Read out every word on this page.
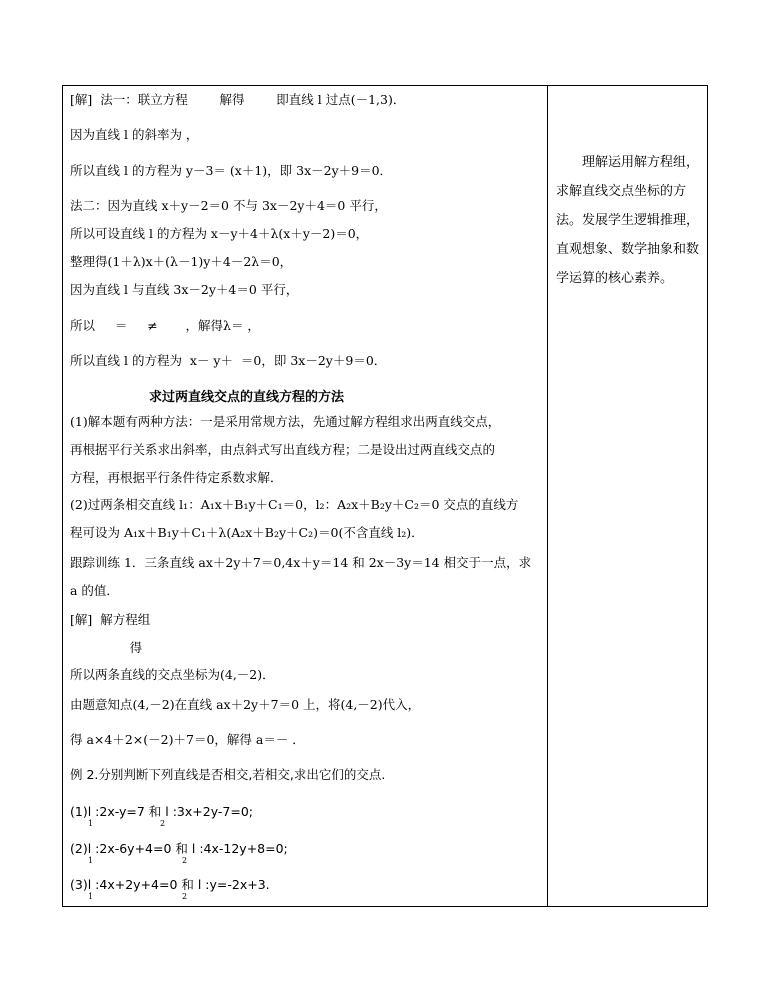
[解]  法一：联立方程        解得        即直线 l 过点(－1,3)．
因为直线 l 的斜率为 ，
所以直线 l 的方程为 y－3＝ (x＋1)，即 3x－2y＋9＝0．
法二：因为直线 x＋y－2＝0 不与 3x－2y＋4＝0 平行，
所以可设直线 l 的方程为 x－y＋4＋λ(x＋y－2)＝0，
整理得(1＋λ)x＋(λ－1)y＋4－2λ＝0，
因为直线 l 与直线 3x－2y＋4＝0 平行，
所以     ＝     ≠       ，解得λ＝ ，
所以直线 l 的方程为  x－ y＋  ＝0，即 3x－2y＋9＝0．
求过两直线交点的直线方程的方法
(1)解本题有两种方法：一是采用常规方法，先通过解方程组求出两直线交点，
再根据平行关系求出斜率，由点斜式写出直线方程；二是设出过两直线交点的
方程，再根据平行条件待定系数求解．
(2)过两条相交直线 l₁：A₁x＋B₁y＋C₁＝0，l₂：A₂x＋B₂y＋C₂＝0 交点的直线方
程可设为 A₁x＋B₁y＋C₁＋λ(A₂x＋B₂y＋C₂)＝0(不含直线 l₂)．
跟踪训练 1．三条直线 ax＋2y＋7＝0,4x＋y＝14 和 2x－3y＝14 相交于一点，求
a 的值．
[解]  解方程组
得
所以两条直线的交点坐标为(4,－2)．
由题意知点(4,－2)在直线 ax＋2y＋7＝0 上，将(4,－2)代入，
得 a×4＋2×(－2)＋7＝0，解得 a＝－ ．
例 2.分别判断下列直线是否相交,若相交,求出它们的交点.
(1)l :2x-y=7 和 l :3x+2y-7=0;
(2)l :2x-6y+4=0 和 l :4x-12y+8=0;
(3)l :4x+2y+4=0 和 l :y=-2x+3.
1	2
1	2
1	2
理解运用解方程组，求解直线交点坐标的方法。发展学生逻辑推理，直观想象、数学抽象和数学运算的核心素养。
